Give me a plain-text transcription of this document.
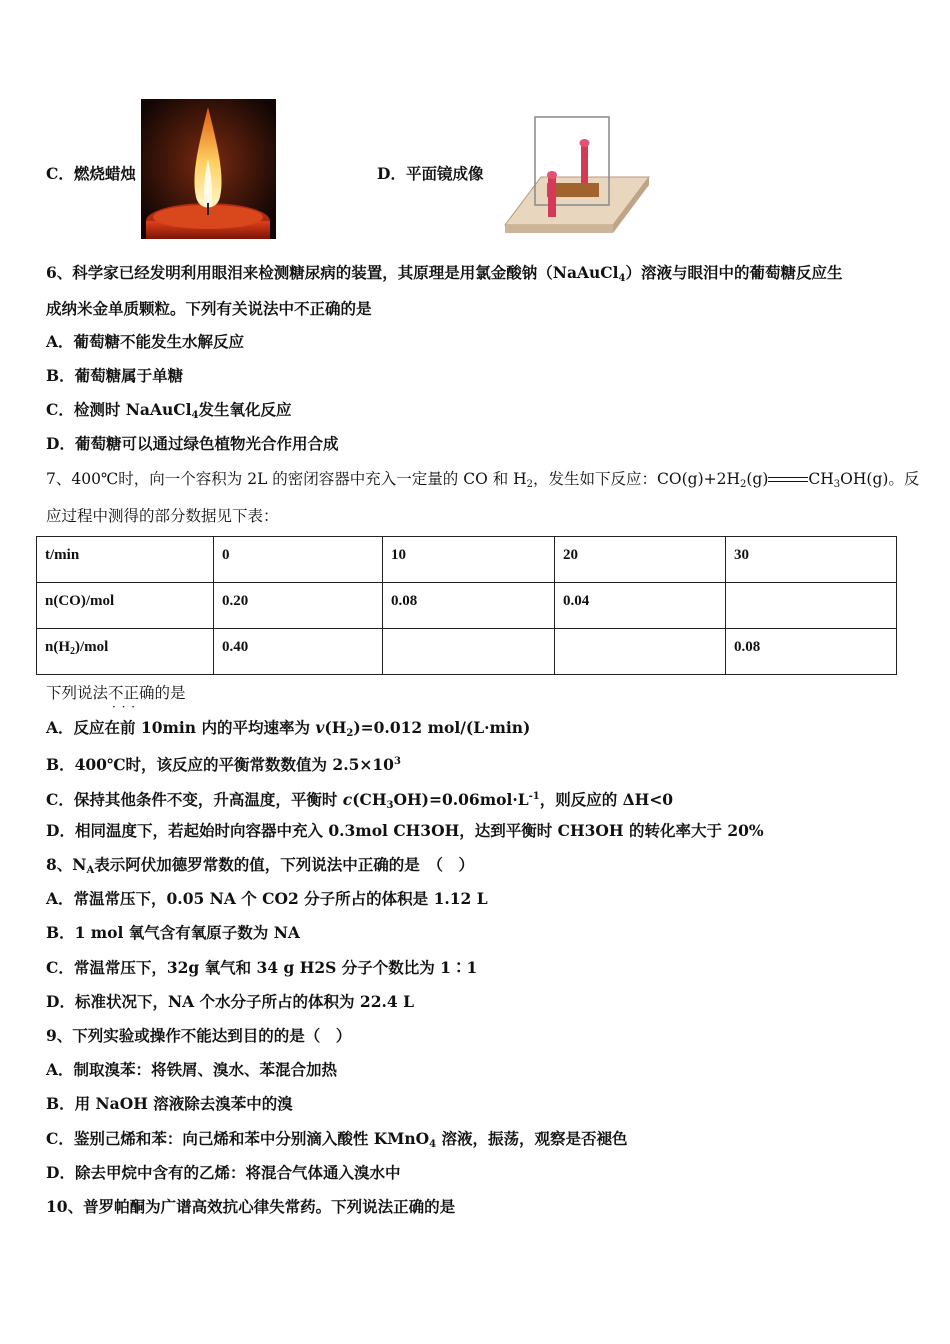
C．燃烧蜡烛	D．平面镜成像
6、科学家已经发明利用眼泪来检测糖尿病的装置，其原理是用氯金酸钠（NaAuCl$_4$）溶液与眼泪中的葡萄糖反应生
成纳米金单质颗粒。下列有关说法中不正确的是
A．葡萄糖不能发生水解反应
B．葡萄糖属于单糖
C．检测时 NaAuCl$_4$发生氧化反应
D．葡萄糖可以通过绿色植物光合作用合成
7、400℃时，向一个容积为 2L 的密闭容器中充入一定量的 CO 和 $H_2$，发生如下反应：$CO(g)+2H_2(g)$	$CH_3OH(g)$。反
应过程中测得的部分数据见下表：
t/min	0	10	20	30
n(CO)/mol	0.20	0.08	0.04	
$n(H_2)$/mol	0.40			0.08
下列说法不正确的是 · ·
A．反应在前 10min 内的平均速率为 $v(H_2)=0.012$ mol/(L·min)
B．400℃时，该反应的平衡常数数值为 $2.5\times 10^3$
C．保持其他条件不变，升高温度，平衡时 $c(CH_3OH)=0.06mol\cdot L^{-1}$，则反应的 ΔH<0
D．相同温度下，若起始时向容器中充入 0.3mol CH3OH，达到平衡时 CH3OH 的转化率大于 20%
8、$N_A$表示阿伏加德罗常数的值，下列说法中正确的是　（　）
A．常温常压下，0.05 NA 个 CO2 分子所占的体积是 1.12 L
B．1 mol 氧气含有氧原子数为 NA
C．常温常压下，32g 氧气和 34 g H2S 分子个数比为 1∶1
D．标准状况下，NA 个水分子所占的体积为 22.4 L
9、下列实验或操作不能达到目的的是（　）
A．制取溴苯：将铁屑、溴水、苯混合加热
B．用 NaOH 溶液除去溴苯中的溴
C．鉴别己烯和苯：向己烯和苯中分别滴入酸性 KMnO$_4$ 溶液，振荡，观察是否褪色
D．除去甲烷中含有的乙烯：将混合气体通入溴水中
10、普罗帕酮为广谱高效抗心律失常药。下列说法正确的是
